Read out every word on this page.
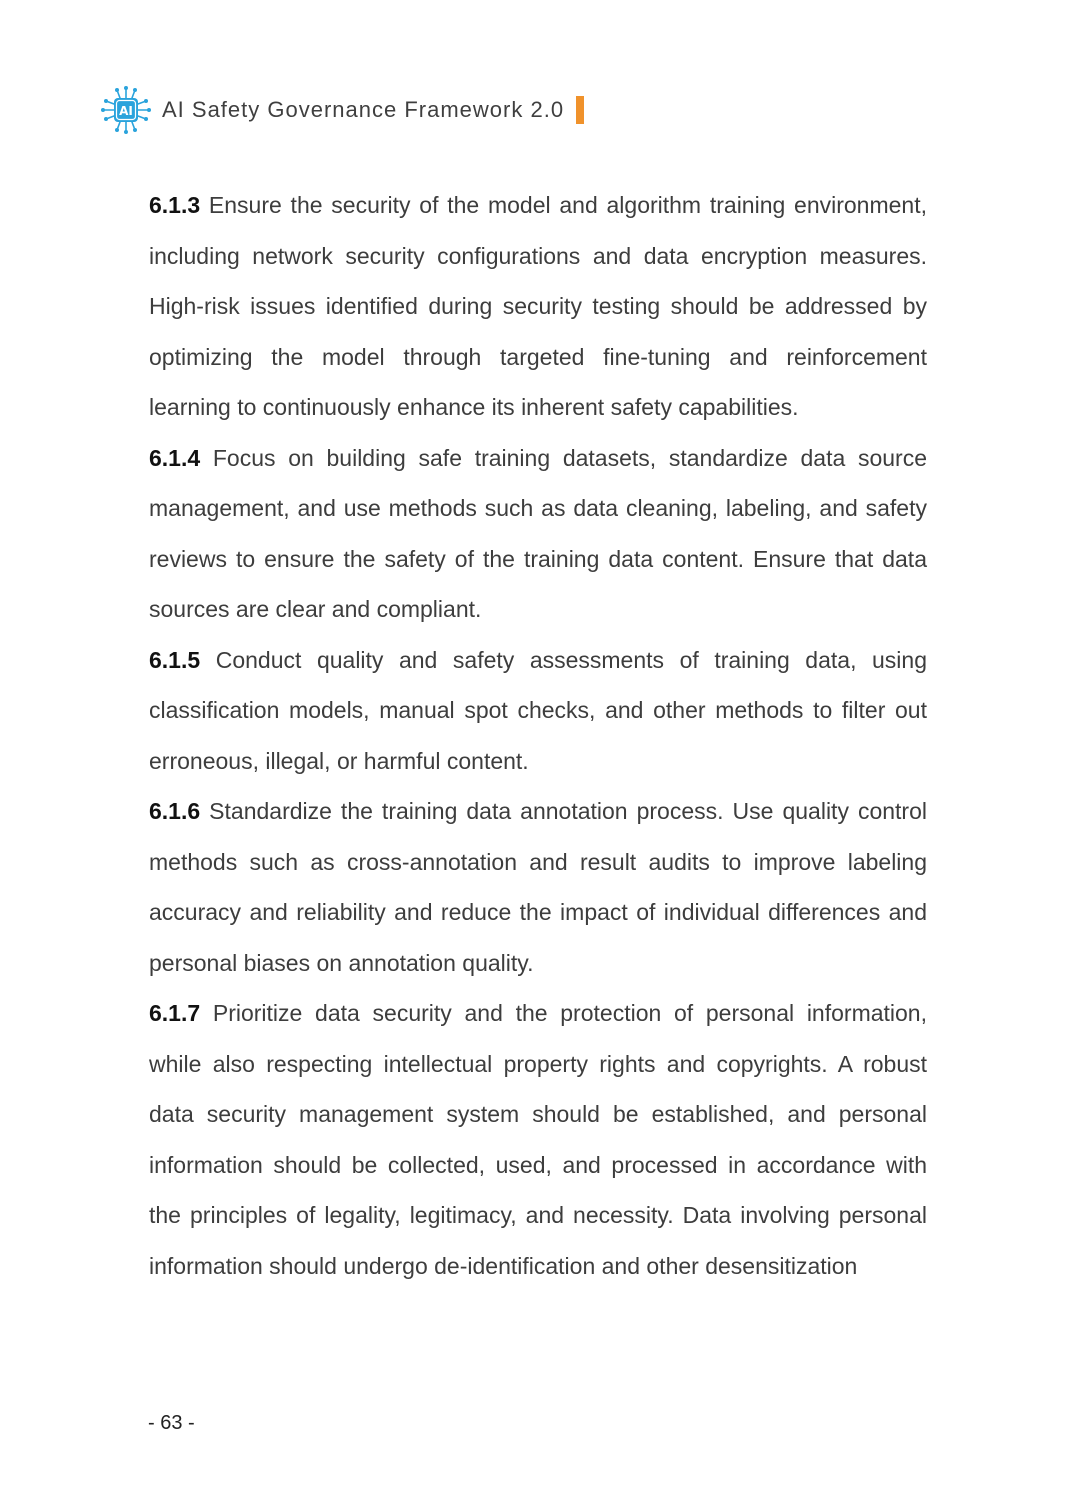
AI AI Safety Governance Framework 2.0

6.1.3 Ensure the security of the model and algorithm training environment, including network security configurations and data encryption measures. High-risk issues identified during security testing should be addressed by optimizing the model through targeted fine-tuning and reinforcement learning to continuously enhance its inherent safety capabilities.

6.1.4 Focus on building safe training datasets, standardize data source management, and use methods such as data cleaning, labeling, and safety reviews to ensure the safety of the training data content. Ensure that data sources are clear and compliant.

6.1.5 Conduct quality and safety assessments of training data, using classification models, manual spot checks, and other methods to filter out erroneous, illegal, or harmful content.

6.1.6 Standardize the training data annotation process. Use quality control methods such as cross-annotation and result audits to improve labeling accuracy and reliability and reduce the impact of individual differences and personal biases on annotation quality.

6.1.7 Prioritize data security and the protection of personal information, while also respecting intellectual property rights and copyrights. A robust data security management system should be established, and personal information should be collected, used, and processed in accordance with the principles of legality, legitimacy, and necessity. Data involving personal information should undergo de-identification and other desensitization

- 63 -
